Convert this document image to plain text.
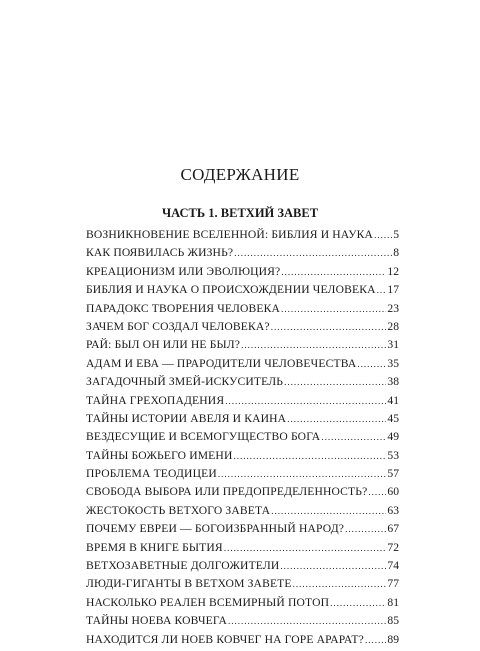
СОДЕРЖАНИЕ
ЧАСТЬ 1. ВЕТХИЙ ЗАВЕТ
ВОЗНИКНОВЕНИЕ ВСЕЛЕННОЙ: БИБЛИЯ И НАУКА ..... 5
КАК ПОЯВИЛАСЬ ЖИЗНЬ? .....	8
КРЕАЦИОНИЗМ ИЛИ ЭВОЛЮЦИЯ? .....	12
БИБЛИЯ И НАУКА О ПРОИСХОЖДЕНИИ ЧЕЛОВЕКА ..... 17
ПАРАДОКС ТВОРЕНИЯ ЧЕЛОВЕКА .....	23
ЗАЧЕМ БОГ СОЗДАЛ ЧЕЛОВЕКА? .....	28
РАЙ: БЫЛ ОН ИЛИ НЕ БЫЛ? .....	31
АДАМ И ЕВА — ПРАРОДИТЕЛИ ЧЕЛОВЕЧЕСТВА .....	35
ЗАГАДОЧНЫЙ ЗМЕЙ-ИСКУСИТЕЛЬ .....	38
ТАЙНА ГРЕХОПАДЕНИЯ .....	41
ТАЙНЫ ИСТОРИИ АВЕЛЯ И КАИНА .....	45
ВЕЗДЕСУЩИЕ И ВСЕМОГУЩЕСТВО БОГА .....	49
ТАЙНЫ БОЖЬЕГО ИМЕНИ .....	53
ПРОБЛЕМА ТЕОДИЦЕИ .....	57
СВОБОДА ВЫБОРА ИЛИ ПРЕДОПРЕДЕЛЕННОСТЬ? ..... 60
ЖЕСТОКОСТЬ ВЕТХОГО ЗАВЕТА .....	63
ПОЧЕМУ ЕВРЕИ — БОГОИЗБРАННЫЙ НАРОД? .....	67
ВРЕМЯ В КНИГЕ БЫТИЯ .....	72
ВЕТХОЗАВЕТНЫЕ ДОЛГОЖИТЕЛИ .....	74
ЛЮДИ-ГИГАНТЫ В ВЕТХОМ ЗАВЕТЕ .....	77
НАСКОЛЬКО РЕАЛЕН ВСЕМИРНЫЙ ПОТОП .....	81
ТАЙНЫ НОЕВА КОВЧЕГА .....	85
НАХОДИТСЯ ЛИ НОЕВ КОВЧЕГ НА ГОРЕ АРАРАТ? ..... 89
